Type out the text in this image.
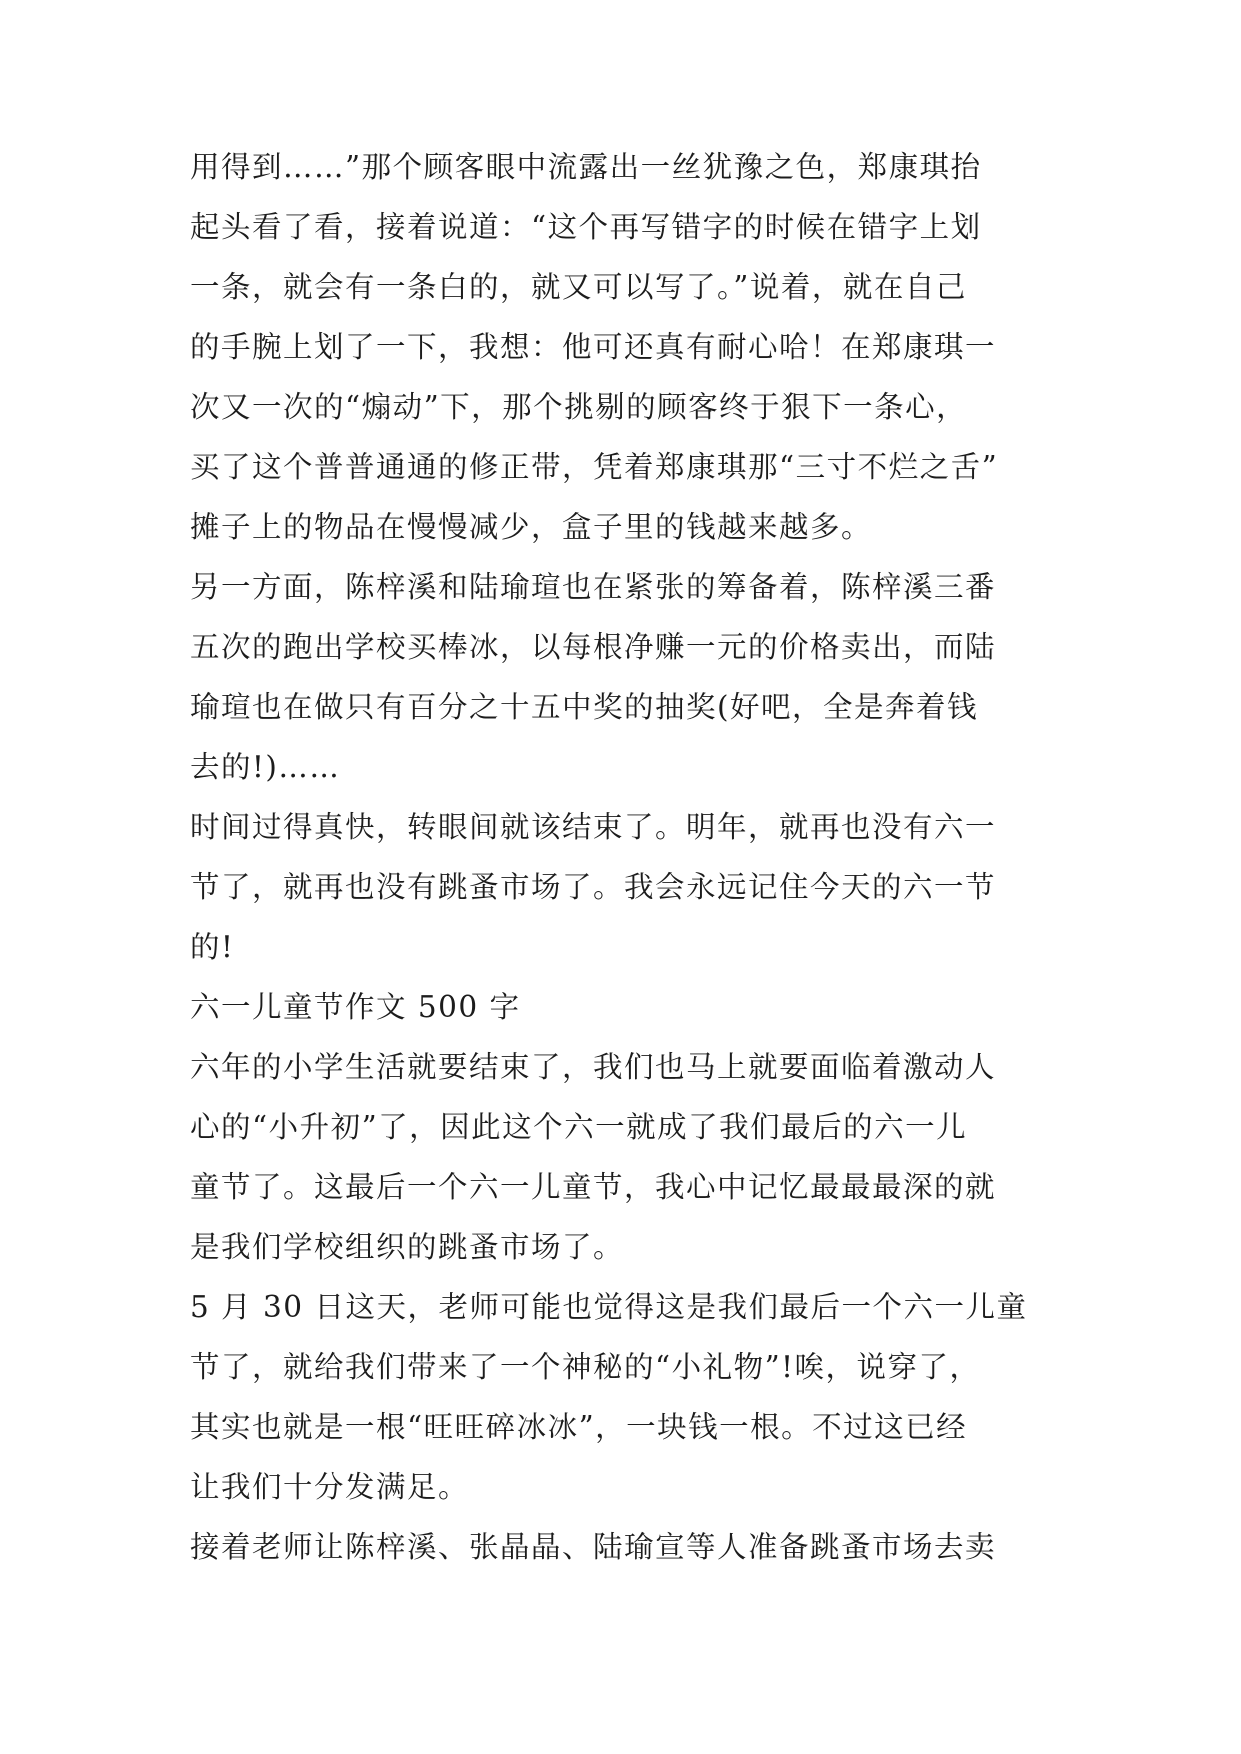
用得到……”那个顾客眼中流露出一丝犹豫之色，郑康琪抬
起头看了看，接着说道：“这个再写错字的时候在错字上划
一条，就会有一条白的，就又可以写了。”说着，就在自己
的手腕上划了一下，我想：他可还真有耐心哈！在郑康琪一
次又一次的“煽动”下，那个挑剔的顾客终于狠下一条心，
买了这个普普通通的修正带，凭着郑康琪那“三寸不烂之舌”
摊子上的物品在慢慢减少，盒子里的钱越来越多。
另一方面，陈梓溪和陆瑜瑄也在紧张的筹备着，陈梓溪三番
五次的跑出学校买棒冰，以每根净赚一元的价格卖出，而陆
瑜瑄也在做只有百分之十五中奖的抽奖(好吧，全是奔着钱
去的!)……
时间过得真快，转眼间就该结束了。明年，就再也没有六一
节了，就再也没有跳蚤市场了。我会永远记住今天的六一节
的!
六一儿童节作文 500 字
六年的小学生活就要结束了，我们也马上就要面临着激动人
心的“小升初”了，因此这个六一就成了我们最后的六一儿
童节了。这最后一个六一儿童节，我心中记忆最最最深的就
是我们学校组织的跳蚤市场了。
5 月 30 日这天，老师可能也觉得这是我们最后一个六一儿童
节了，就给我们带来了一个神秘的“小礼物”!唉，说穿了，
其实也就是一根“旺旺碎冰冰”，一块钱一根。不过这已经
让我们十分发满足。
接着老师让陈梓溪、张晶晶、陆瑜宣等人准备跳蚤市场去卖
